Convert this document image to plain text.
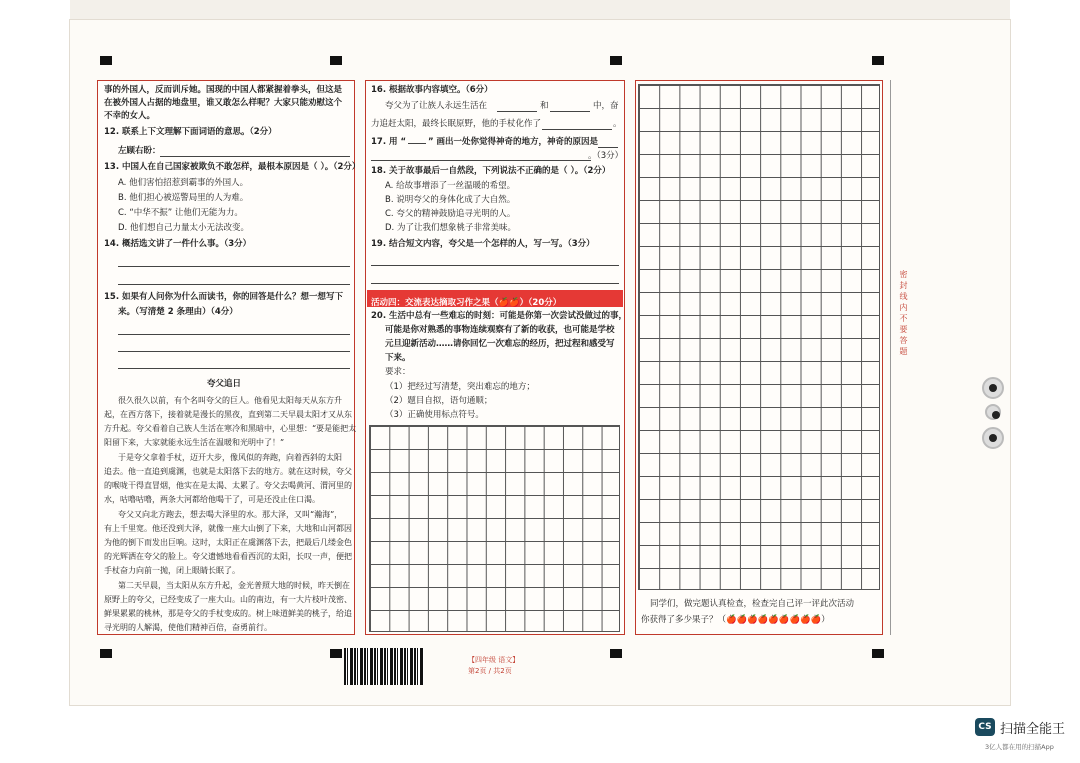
事的外国人，反而训斥她。国现的中国人都紧握着拳头，但这是
在被外国人占据的地盘里，谁又敢怎么样呢？大家只能劝慰这个
不幸的女人。
12. 联系上下文理解下面词语的意思。（2分）
左顾右盼：
13. 中国人在自己国家被欺负不敢怎样，最根本原因是（ ）。（2分）
A. 他们害怕招惹到霸事的外国人。
B. 他们担心被巡警局里的人为难。
C. “中华不振” 让他们无能为力。
D. 他们想自己力量太小无法改变。
14. 概括选文讲了一件什么事。（3分）
15. 如果有人问你为什么而读书，你的回答是什么？想一想写下
来。（写清楚 2 条理由）（4分）
夸父追日
很久很久以前，有个名叫夸父的巨人。他看见太阳每天从东方升
起，在西方落下，接着就是漫长的黑夜，直到第二天早晨太阳才又从东
方升起。夸父看着自己族人生活在寒冷和黑暗中，心里想：“要是能把太
阳留下来，大家就能永远生活在温暖和光明中了！”
于是夸父拿着手杖，迈开大步，像风似的奔跑，向着西斜的太阳
追去。他一直追到虞渊，也就是太阳落下去的地方。就在这时候，夸父
的喉咙干得直冒烟，他实在是太渴、太累了。夸父去喝黄河、渭河里的
水，咕噜咕噜，两条大河都给他喝干了，可是还没止住口渴。
夸父又向北方跑去，想去喝大泽里的水。那大泽，又叫“瀚海”，
有上千里宽。他还没到大泽，就像一座大山倒了下来，大地和山河都因
为他的倒下而发出巨响。这时，太阳正在虞渊落下去，把最后几缕金色
的光辉洒在夸父的脸上。夸父遗憾地看看西沉的太阳，长叹一声，便把
手杖奋力向前一抛，闭上眼睛长眠了。
第二天早晨，当太阳从东方升起，金光普照大地的时候，昨天倒在
原野上的夸父，已经变成了一座大山。山的南边，有一大片枝叶茂密、
鲜果累累的桃林，那是夸父的手杖变成的。树上味道鲜美的桃子，给追
寻光明的人解渴，使他们精神百倍，奋勇前行。
16. 根据故事内容填空。（6分）
夸父为了让族人永远生活在	和	中，奋
力追赶太阳，最终长眠原野，他的手杖化作了	。
17. 用 “	” 画出一处你觉得神奇的地方，神奇的原因是
。（3分）
18. 关于故事最后一自然段，下列说法不正确的是（ ）。（2分）
A. 给故事增添了一丝温暖的希望。
B. 说明夸父的身体化成了大自然。
C. 夸父的精神鼓励追寻光明的人。
D. 为了让我们想象桃子非常美味。
19. 结合短文内容，夸父是一个怎样的人，写一写。（3分）
活动四：交流表达摘取习作之果（🍎🍎）（20分）
20. 生活中总有一些难忘的时刻：可能是你第一次尝试没做过的事，
可能是你对熟悉的事物连续观察有了新的收获，也可能是学校
元旦迎新活动……请你回忆一次难忘的经历，把过程和感受写
下来。
要求：
（1）把经过写清楚，突出难忘的地方；
（2）题目自拟，语句通顺；
（3）正确使用标点符号。
同学们，做完题认真检查，检查完自己评一评此次活动
你获得了多少果子？（🍎🍎🍎🍎🍎🍎🍎🍎🍎）
密封线内不要答题
【四年级 语文】
第2页 / 共2页
CS 扫描全能王
3亿人都在用的扫描App
